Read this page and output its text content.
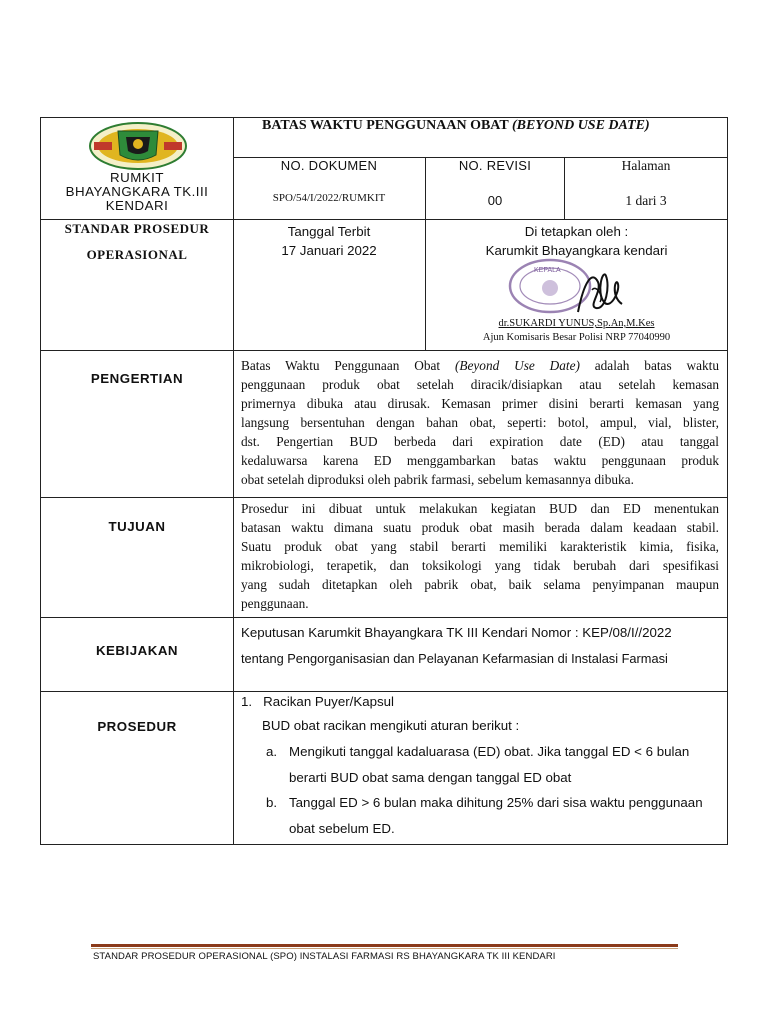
RUMKIT
BHAYANGKARA TK.III
KENDARI
BATAS WAKTU PENGGUNAAN OBAT (BEYOND USE DATE)
NO. DOKUMEN
SPO/54/I/2022/RUMKIT
NO. REVISI
00
Halaman
1 dari 3
STANDAR PROSEDUR
OPERASIONAL
Tanggal Terbit
17 Januari 2022
Di tetapkan oleh :
Karumkit Bhayangkara kendari
KEPALA
dr.SUKARDI YUNUS,Sp.An,M.Kes
Ajun Komisaris Besar Polisi NRP 77040990
PENGERTIAN
Batas Waktu Penggunaan Obat (Beyond Use Date) adalah batas waktu
penggunaan produk obat setelah diracik/disiapkan atau setelah kemasan
primernya dibuka atau dirusak. Kemasan primer disini berarti kemasan yang
langsung bersentuhan dengan bahan obat, seperti: botol, ampul, vial, blister,
dst. Pengertian BUD berbeda dari expiration date (ED) atau tanggal
kedaluwarsa karena ED menggambarkan batas waktu penggunaan produk
obat setelah diproduksi oleh pabrik farmasi, sebelum kemasannya dibuka.
TUJUAN
Prosedur ini dibuat untuk melakukan kegiatan BUD dan ED menentukan
batasan waktu dimana suatu produk obat masih berada dalam keadaan stabil.
Suatu produk obat yang stabil berarti memiliki karakteristik kimia, fisika,
mikrobiologi, terapetik, dan toksikologi yang tidak berubah dari spesifikasi
yang sudah ditetapkan oleh pabrik obat, baik selama penyimpanan maupun
penggunaan.
KEBIJAKAN
Keputusan Karumkit Bhayangkara TK III Kendari Nomor : KEP/08/I//2022
tentang Pengorganisasian dan Pelayanan Kefarmasian di Instalasi Farmasi
PROSEDUR
1.   Racikan Puyer/Kapsul
BUD obat racikan mengikuti aturan berikut :
a. Mengikuti tanggal kadaluarasa (ED) obat. Jika tanggal ED < 6 bulan
berarti BUD obat sama dengan tanggal ED obat
b. Tanggal ED > 6 bulan maka dihitung 25% dari sisa waktu penggunaan
obat sebelum ED.
STANDAR PROSEDUR OPERASIONAL (SPO) INSTALASI FARMASI RS BHAYANGKARA TK III KENDARI
